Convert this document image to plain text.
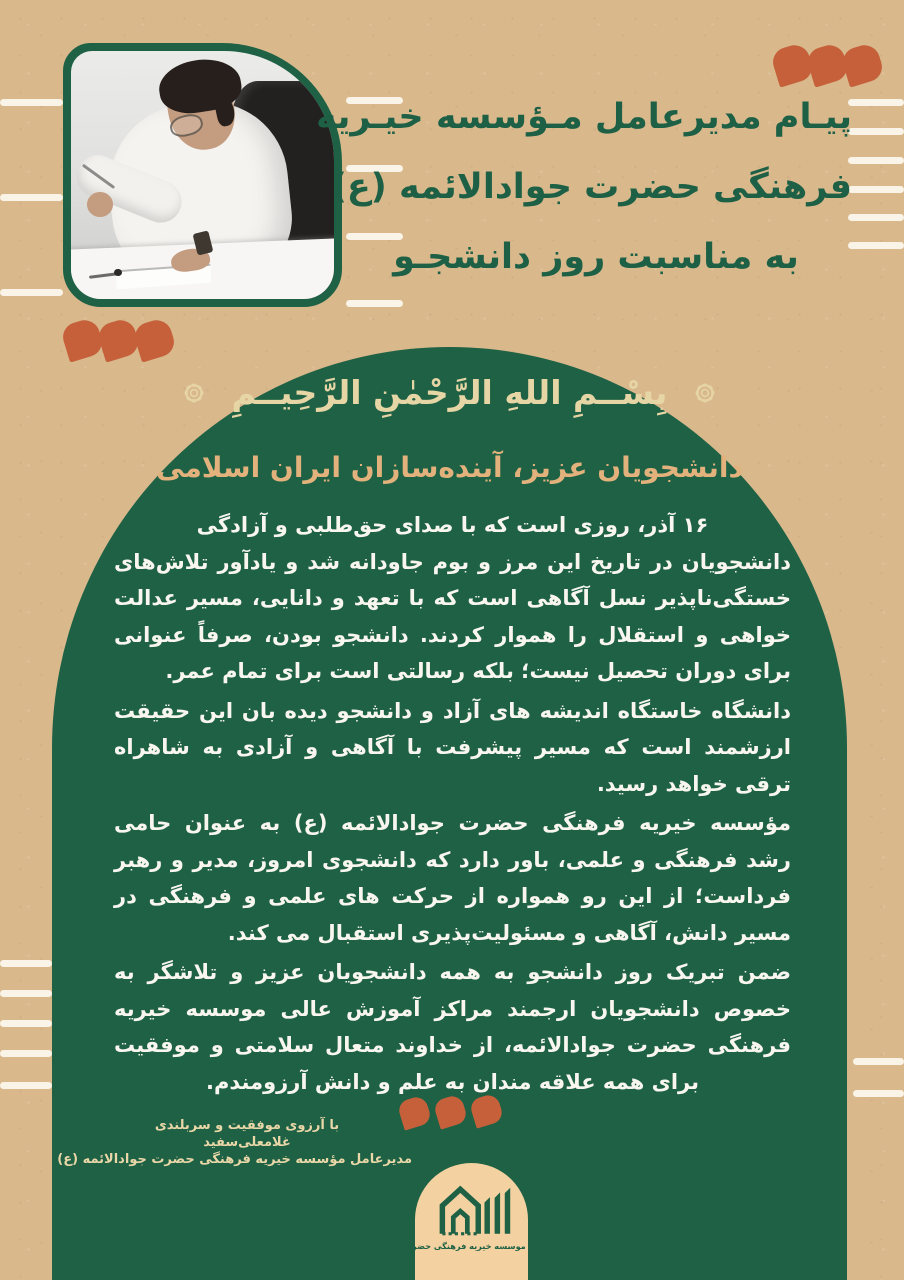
پیـام مدیرعامل مـؤسسه خیـریه
فرهنگی حضرت جوادالائمه (ع)
به مناسبت روز دانشجـو
بِسْــمِ اللهِ الرَّحْمٰنِ الرَّحِیــمِ
دانشجویان عزیز، آینده‌سازان ایران اسلامی

۱۶ آذر، روزی است که با صدای حق‌طلبی و آزادگی

دانشجویان در تاریخ این مرز و بوم جاودانه شد و یادآور تلاش‌های خستگی‌ناپذیر نسل آگاهی است که با تعهد و دانایی، مسیر عدالت خواهی و استقلال را هموار کردند. دانشجو بودن، صرفاً عنوانی برای دوران تحصیل نیست؛ بلکه رسالتی است برای تمام عمر.

دانشگاه خاستگاه اندیشه های آزاد و دانشجو دیده بان این حقیقت ارزشمند است که مسیر پیشرفت با آگاهی و آزادی به شاهراه ترقی خواهد رسید.

مؤسسه خیریه فرهنگی حضرت جوادالائمه (ع) به عنوان حامی رشد فرهنگی و علمی، باور دارد که دانشجوی امروز، مدیر و رهبر فرداست؛ از این رو همواره از حرکت های علمی و فرهنگی در مسیر دانش، آگاهی و مسئولیت‌پذیری استقبال می کند.

ضمن تبریک روز دانشجو به همه دانشجویان عزیز و تلاشگر به خصوص دانشجویان ارجمند مراکز آموزش عالی موسسه خیریه فرهنگی حضرت جوادالائمه، از خداوند متعال سلامتی و موفقیت برای همه علاقه مندان به علم و دانش آرزومندم.

با آرزوی موفقیت و سربلندی
غلامعلی‌سفید
مدیرعامل مؤسسه خیریه فرهنگی حضرت جوادالائمه (ع)
موسسه خیریه فرهنگی حضرت جوادالائمه(ع)
